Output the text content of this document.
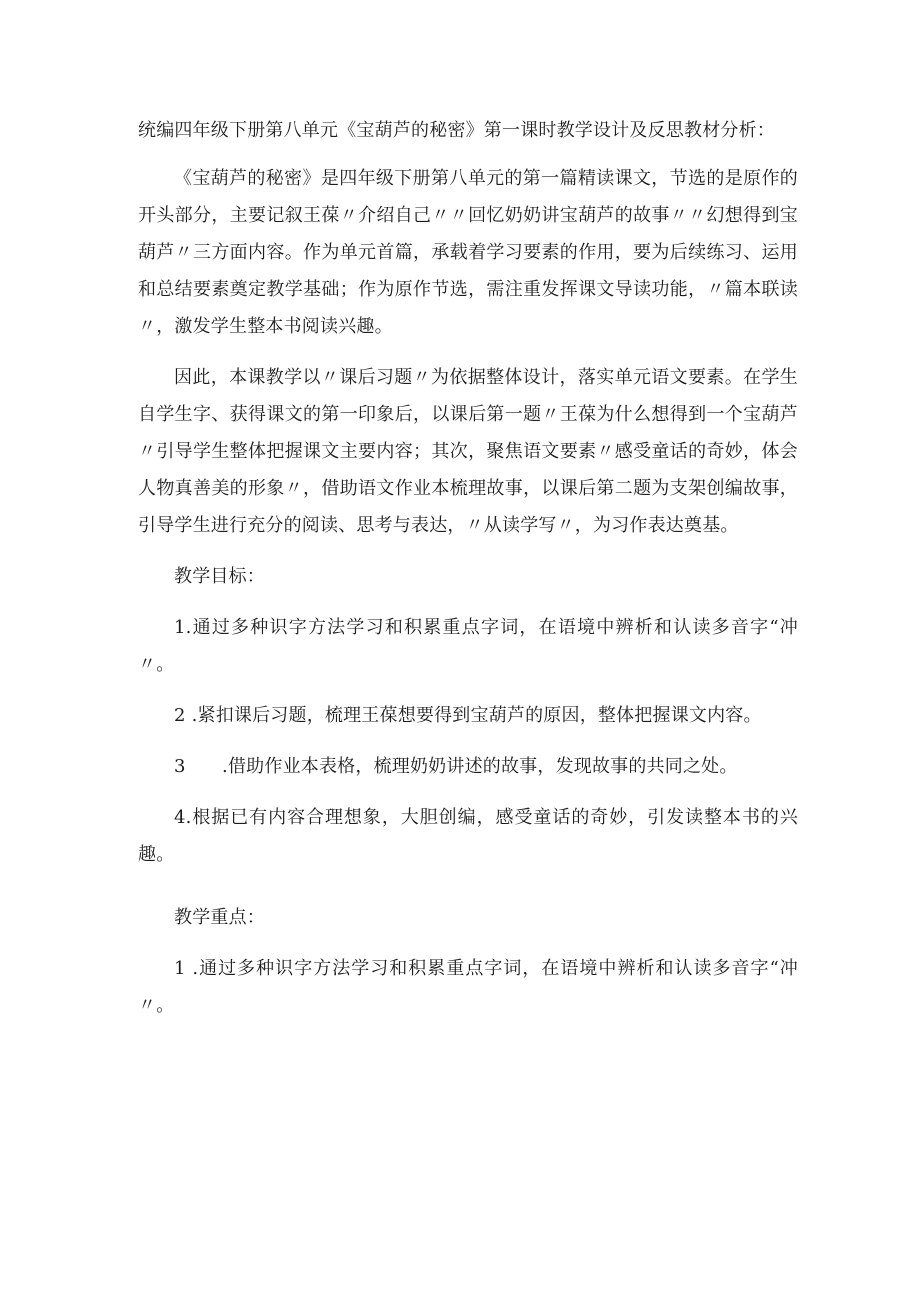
统编四年级下册第八单元《宝葫芦的秘密》第一课时教学设计及反思教材分析：

《宝葫芦的秘密》是四年级下册第八单元的第一篇精读课文，节选的是原作的开头部分，主要记叙王葆〃介绍自己〃〃回忆奶奶讲宝葫芦的故事〃〃幻想得到宝葫芦〃三方面内容。作为单元首篇，承载着学习要素的作用，要为后续练习、运用和总结要素奠定教学基础；作为原作节选，需注重发挥课文导读功能，〃篇本联读〃，激发学生整本书阅读兴趣。

因此，本课教学以〃课后习题〃为依据整体设计，落实单元语文要素。在学生自学生字、获得课文的第一印象后，以课后第一题〃王葆为什么想得到一个宝葫芦〃引导学生整体把握课文主要内容；其次，聚焦语文要素〃感受童话的奇妙，体会人物真善美的形象〃，借助语文作业本梳理故事，以课后第二题为支架创编故事，引导学生进行充分的阅读、思考与表达，〃从读学写〃，为习作表达奠基。

教学目标：

1.通过多种识字方法学习和积累重点字词，在语境中辨析和认读多音字“冲〃。

2 .紧扣课后习题，梳理王葆想要得到宝葫芦的原因，整体把握课文内容。

3　　.借助作业本表格，梳理奶奶讲述的故事，发现故事的共同之处。

4.根据已有内容合理想象，大胆创编，感受童话的奇妙，引发读整本书的兴趣。

教学重点：

1 .通过多种识字方法学习和积累重点字词，在语境中辨析和认读多音字“冲〃。
